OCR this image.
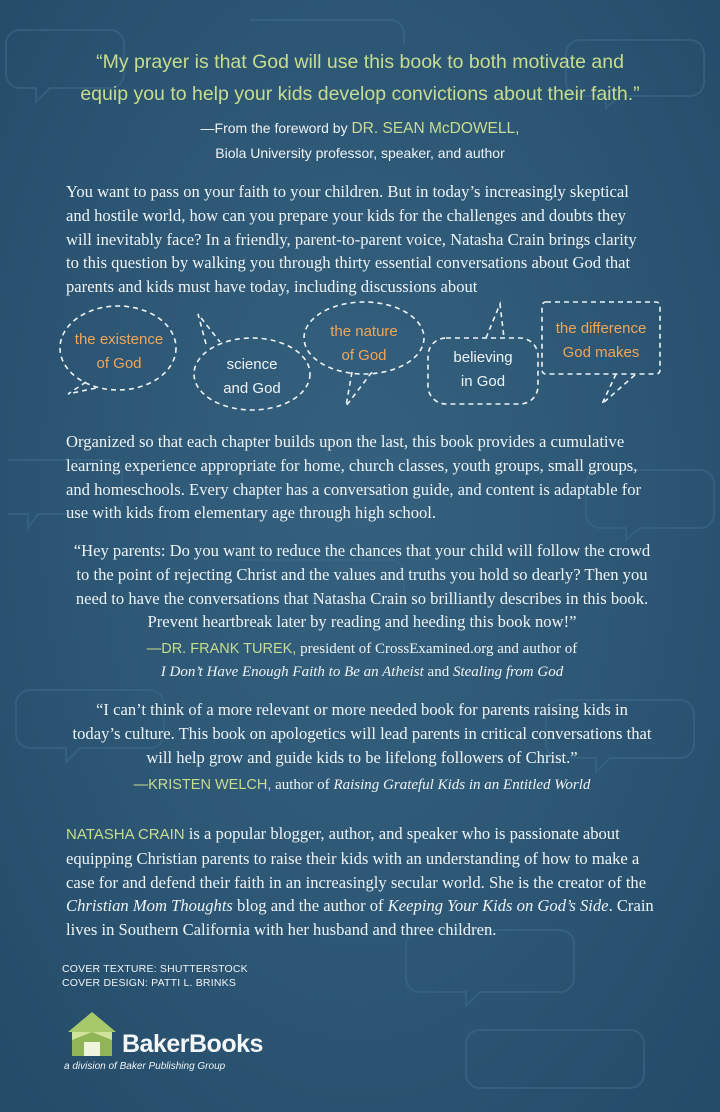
“My prayer is that God will use this book to both motivate and
equip you to help your kids develop convictions about their faith.”
—From the foreword by DR. SEAN McDOWELL,
Biola University professor, speaker, and author
You want to pass on your faith to your children. But in today’s increasingly skeptical
and hostile world, how can you prepare your kids for the challenges and doubts they
will inevitably face? In a friendly, parent-to-parent voice, Natasha Crain brings clarity
to this question by walking you through thirty essential conversations about God that
parents and kids must have today, including discussions about
the existence
of God	science
and God
the nature
of God	believing
in God
the difference
God makes
Organized so that each chapter builds upon the last, this book provides a cumulative
learning experience appropriate for home, church classes, youth groups, small groups,
and homeschools. Every chapter has a conversation guide, and content is adaptable for
use with kids from elementary age through high school.
“Hey parents: Do you want to reduce the chances that your child will follow the crowd
to the point of rejecting Christ and the values and truths you hold so dearly? Then you
need to have the conversations that Natasha Crain so brilliantly describes in this book.
Prevent heartbreak later by reading and heeding this book now!”
—DR. FRANK TUREK, president of CrossExamined.org and author of
I Don’t Have Enough Faith to Be an Atheist and Stealing from God
“I can’t think of a more relevant or more needed book for parents raising kids in
today’s culture. This book on apologetics will lead parents in critical conversations that
will help grow and guide kids to be lifelong followers of Christ.”
—KRISTEN WELCH, author of Raising Grateful Kids in an Entitled World
NATASHA CRAIN is a popular blogger, author, and speaker who is passionate about
equipping Christian parents to raise their kids with an understanding of how to make a
case for and defend their faith in an increasingly secular world. She is the creator of the
Christian Mom Thoughts blog and the author of Keeping Your Kids on God’s Side. Crain
lives in Southern California with her husband and three children.
COVER TEXTURE: SHUTTERSTOCK
COVER DESIGN: PATTI L. BRINKS
BakerBooks
a division of Baker Publishing Group
